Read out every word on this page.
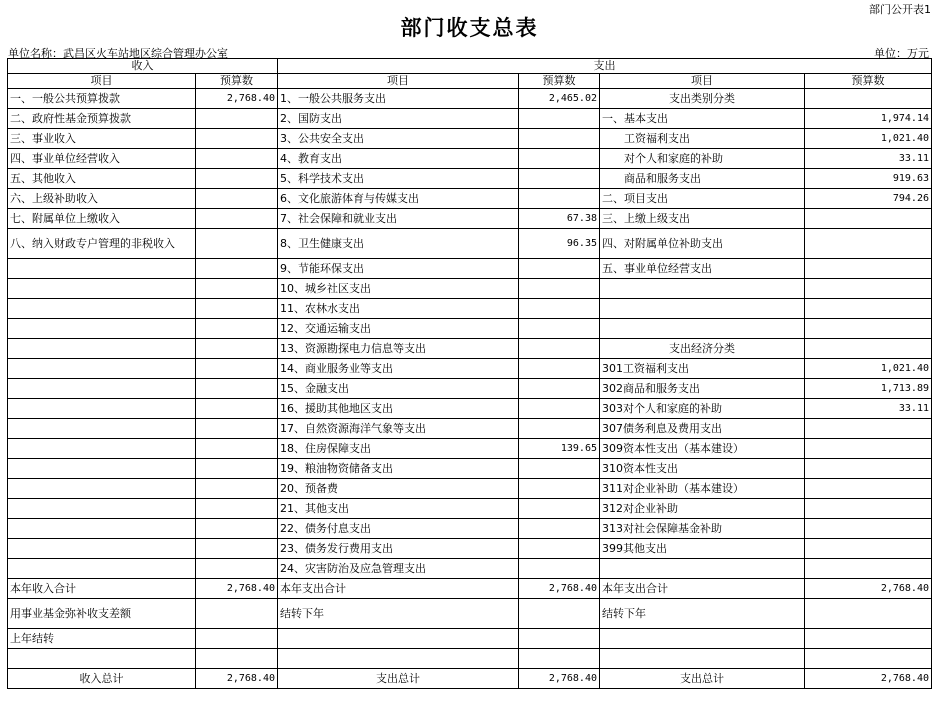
部门公开表1
部门收支总表
单位名称：武昌区火车站地区综合管理办公室	单位：万元
收入		支出			
项目	预算数	项目	预算数	项目	预算数
一、一般公共预算拨款	2,768.40	1、一般公共服务支出	2,465.02	支出类别分类	
二、政府性基金预算拨款		2、国防支出		一、基本支出	1,974.14
三、事业收入		3、公共安全支出		工资福利支出	1,021.40
四、事业单位经营收入		4、教育支出		对个人和家庭的补助	33.11
五、其他收入		5、科学技术支出		商品和服务支出	919.63
六、上级补助收入		6、文化旅游体育与传媒支出		二、项目支出	794.26
七、附属单位上缴收入		7、社会保障和就业支出	67.38	三、上缴上级支出	
八、纳入财政专户管理的非税收入		8、卫生健康支出	96.35	四、对附属单位补助支出	
		9、节能环保支出		五、事业单位经营支出	
		10、城乡社区支出			
		11、农林水支出			
		12、交通运输支出			
		13、资源勘探电力信息等支出		支出经济分类	
		14、商业服务业等支出		301工资福利支出	1,021.40
		15、金融支出		302商品和服务支出	1,713.89
		16、援助其他地区支出		303对个人和家庭的补助	33.11
		17、自然资源海洋气象等支出		307债务利息及费用支出	
		18、住房保障支出	139.65	309资本性支出（基本建设）	
		19、粮油物资储备支出		310资本性支出	
		20、预备费		311对企业补助（基本建设）	
		21、其他支出		312对企业补助	
		22、债务付息支出		313对社会保障基金补助	
		23、债务发行费用支出		399其他支出	
		24、灾害防治及应急管理支出			
本年收入合计	2,768.40	本年支出合计	2,768.40	本年支出合计	2,768.40
用事业基金弥补收支差额		结转下年		结转下年	
上年结转					

收入总计	2,768.40	支出总计	2,768.40	支出总计	2,768.40
